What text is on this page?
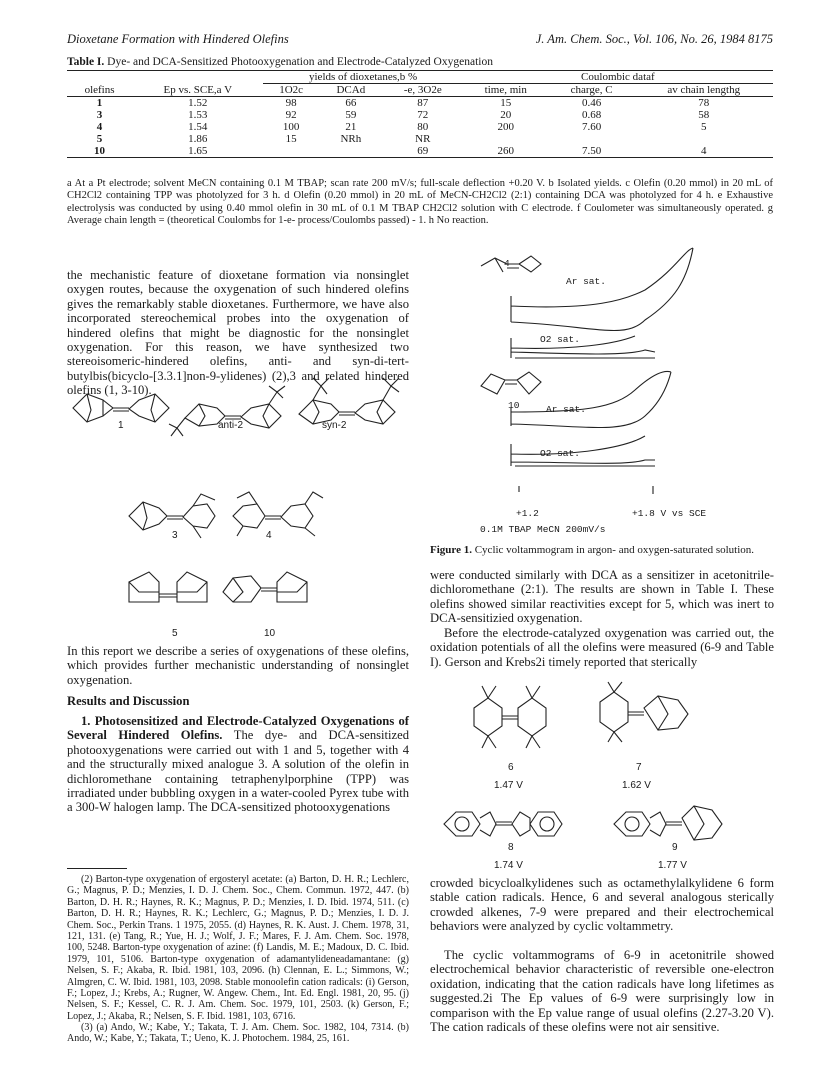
Dioxetane Formation with Hindered Olefins	J. Am. Chem. Soc., Vol. 106, No. 26, 1984 8175
Table I. Dye- and DCA-Sensitized Photooxygenation and Electrode-Catalyzed Oxygenation
		yields of dioxetanes,b %			Coulombic dataf		
olefins	Ep vs. SCE,a V	1O2c	DCAd	-e, 3O2e	time, min	charge, C	av chain lengthg
1	1.52	98	66	87	15	0.46	78
3	1.53	92	59	72	20	0.68	58
4	1.54	100	21	80	200	7.60	5
5	1.86	15	NRh	NR			
10	1.65			69	260	7.50	4
a At a Pt electrode; solvent MeCN containing 0.1 M TBAP; scan rate 200 mV/s; full-scale deflection +0.20 V. b Isolated yields. c Olefin (0.20 mmol) in 20 mL of CH2Cl2 containing TPP was photolyzed for 3 h. d Olefin (0.20 mmol) in 20 mL of MeCN-CH2Cl2 (2:1) containing DCA was photolyzed for 4 h. e Exhaustive electrolysis was conducted by using 0.40 mmol olefin in 30 mL of 0.1 M TBAP CH2Cl2 solution with C electrode. f Coulometer was simultaneously operated. g Average chain length = (theoretical Coulombs for 1-e- process/Coulombs passed) - 1. h No reaction.
the mechanistic feature of dioxetane formation via nonsinglet oxygen routes, because the oxygenation of such hindered olefins gives the remarkably stable dioxetanes. Furthermore, we have also incorporated stereochemical probes into the oxygenation of hindered olefins that might be diagnostic for the nonsinglet oxygenation. For this reason, we have synthesized two stereoisomeric-hindered olefins, anti- and syn-di-tert-butylbis(bicyclo-[3.3.1]non-9-ylidenes) (2),3 and related hindered olefins (1, 3-10).
1	anti-2	syn-2
3	4
5	10
In this report we describe a series of oxygenations of these olefins, which provides further mechanistic understanding of nonsinglet oxygenation.
Results and Discussion
1. Photosensitized and Electrode-Catalyzed Oxygenations of Several Hindered Olefins. The dye- and DCA-sensitized photooxygenations were carried out with 1 and 5, together with 4 and the structurally mixed analogue 3. A solution of the olefin in dichloromethane containing tetraphenylporphine (TPP) was irradiated under bubbling oxygen in a water-cooled Pyrex tube with a 300-W halogen lamp. The DCA-sensitized photooxygenations
(2) Barton-type oxygenation of ergosteryl acetate: (a) Barton, D. H. R.; Lechlerc, G.; Magnus, P. D.; Menzies, I. D. J. Chem. Soc., Chem. Commun. 1972, 447. (b) Barton, D. H. R.; Haynes, R. K.; Magnus, P. D.; Menzies, I. D. Ibid. 1974, 511. (c) Barton, D. H. R.; Haynes, R. K.; Lechlerc, G.; Magnus, P. D.; Menzies, I. D. J. Chem. Soc., Perkin Trans. 1 1975, 2055. (d) Haynes, R. K. Aust. J. Chem. 1978, 31, 121, 131. (e) Tang, R.; Yue, H. J.; Wolf, J. F.; Mares, F. J. Am. Chem. Soc. 1978, 100, 5248. Barton-type oxygenation of azine: (f) Landis, M. E.; Madoux, D. C. Ibid. 1979, 101, 5106. Barton-type oxygenation of adamantylideneadamantane: (g) Nelsen, S. F.; Akaba, R. Ibid. 1981, 103, 2096. (h) Clennan, E. L.; Simmons, W.; Almgren, C. W. Ibid. 1981, 103, 2098. Stable monoolefin cation radicals: (i) Gerson, F.; Lopez, J.; Krebs, A.; Rugner, W. Angew. Chem., Int. Ed. Engl. 1981, 20, 95. (j) Nelsen, S. F.; Kessel, C. R. J. Am. Chem. Soc. 1979, 101, 2503. (k) Gerson, F.; Lopez, J.; Akaba, R.; Nelsen, S. F. Ibid. 1981, 103, 6716.
(3) (a) Ando, W.; Kabe, Y.; Takata, T. J. Am. Chem. Soc. 1982, 104, 7314. (b) Ando, W.; Kabe, Y.; Takata, T.; Ueno, K. J. Photochem. 1984, 25, 161.
4
Ar sat.
O2 sat.
10	Ar sat.
O2 sat.
+1.2	+1.8 V vs SCE
0.1M TBAP MeCN 200mV/s
Figure 1. Cyclic voltammogram in argon- and oxygen-saturated solution.
were conducted similarly with DCA as a sensitizer in acetonitrile-dichloromethane (2:1). The results are shown in Table I. These olefins showed similar reactivities except for 5, which was inert to DCA-sensitizied oxygenation.
Before the electrode-catalyzed oxygenation was carried out, the oxidation potentials of all the olefins were measured (6-9 and Table I). Gerson and Krebs2i timely reported that sterically
6
1.47 V
7
1.62 V
8
1.74 V
9
1.77 V
crowded bicycloalkylidenes such as octamethylalkylidene 6 form stable cation radicals. Hence, 6 and several analogous sterically crowded alkenes, 7-9 were prepared and their electrochemical behaviors were analyzed by cyclic voltammetry.
The cyclic voltammograms of 6-9 in acetonitrile showed electrochemical behavior characteristic of reversible one-electron oxidation, indicating that the cation radicals have long lifetimes as suggested.2i The Ep values of 6-9 were surprisingly low in comparison with the Ep value range of usual olefins (2.27-3.20 V). The cation radicals of these olefins were not air sensitive.
